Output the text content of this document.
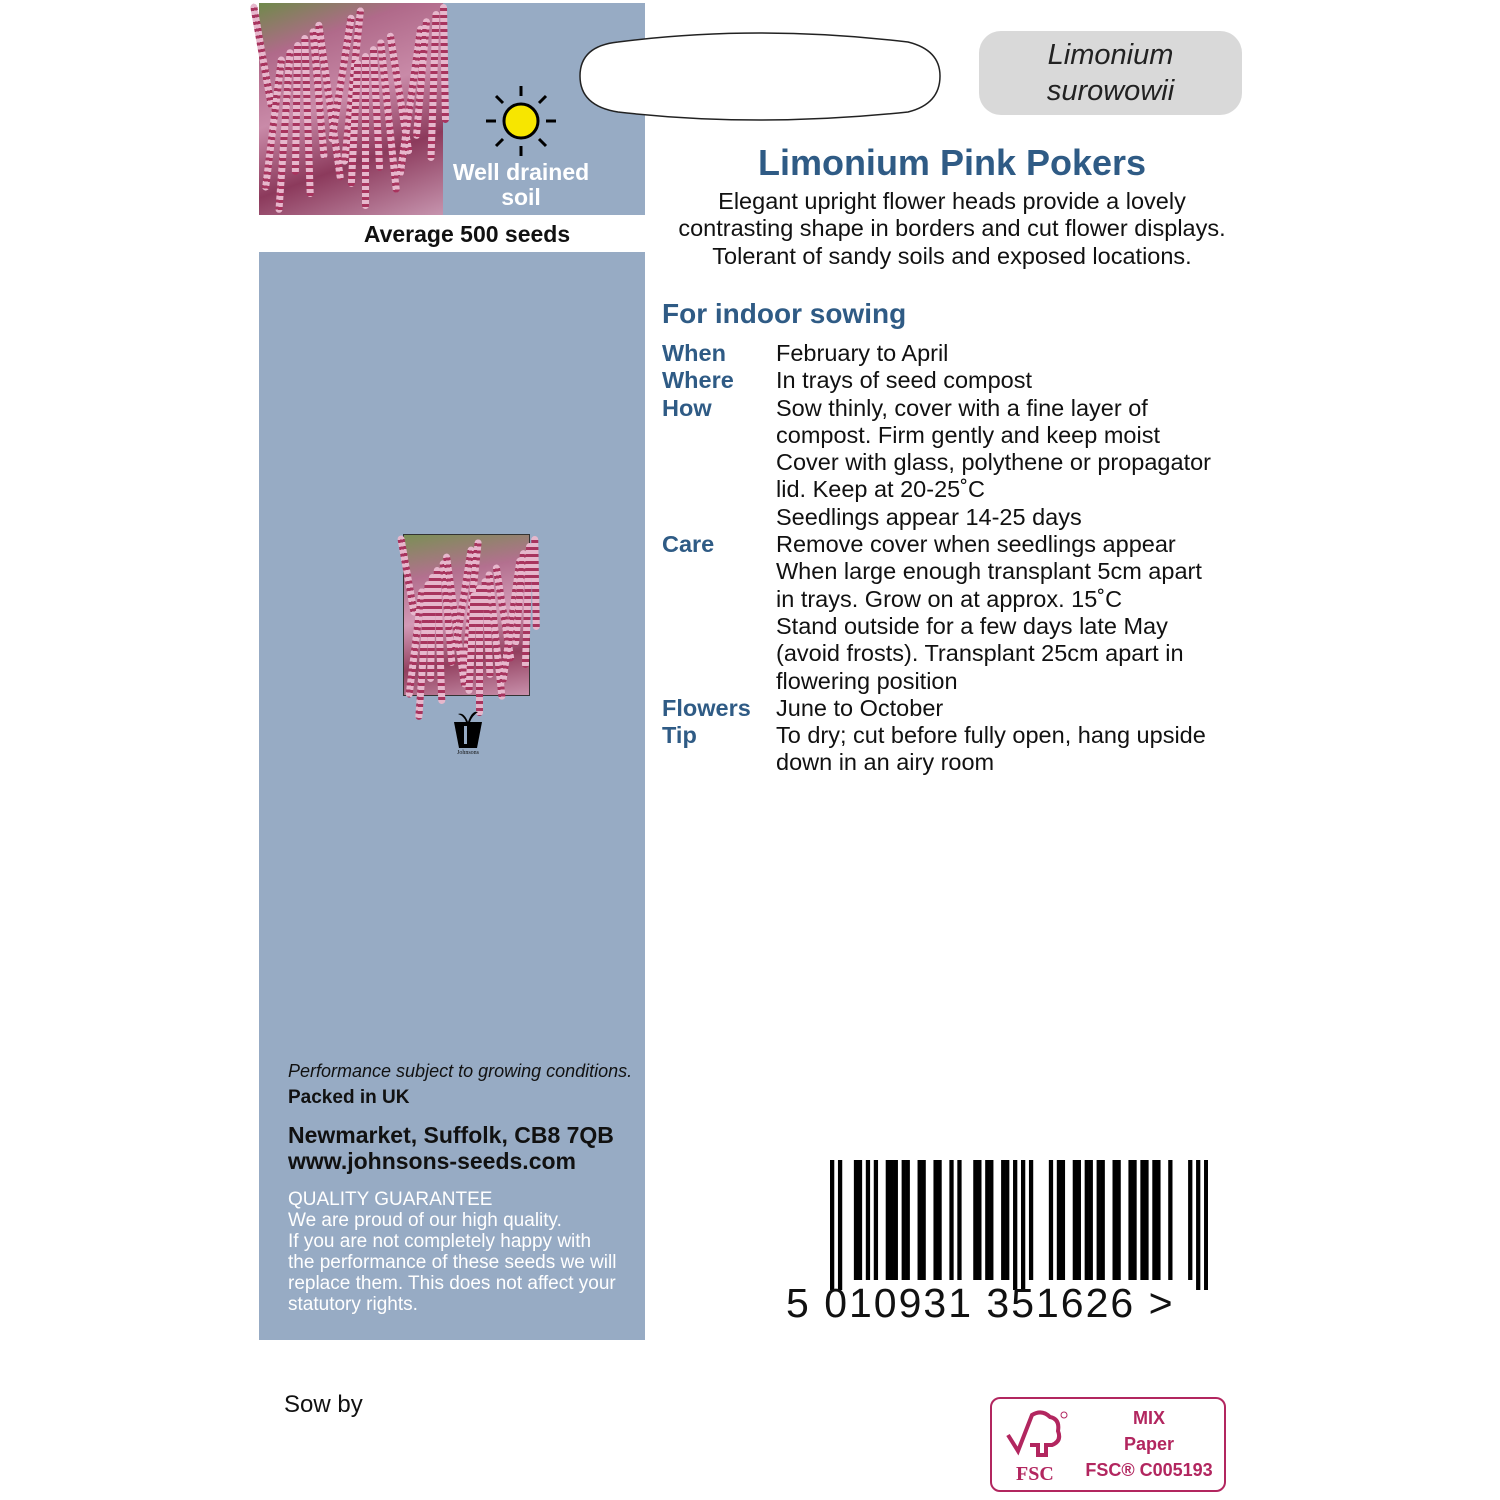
Well drained
soil
Average 500 seeds
Limonium
surowowii
Limonium Pink Pokers
Elegant upright flower heads provide a lovely
contrasting shape in borders and cut flower displays.
Tolerant of sandy soils and exposed locations.
For indoor sowing
When	February to April
Where	In trays of seed compost
How	Sow thinly, cover with a fine layer of
compost. Firm gently and keep moist
Cover with glass, polythene or propagator
lid. Keep at 20-25˚C
Seedlings appear 14-25 days
Care	Remove cover when seedlings appear
When large enough transplant 5cm apart
in trays. Grow on at approx. 15˚C
Stand outside for a few days late May
(avoid frosts). Transplant 25cm apart in
flowering position
Flowers	June to October
Tip	To dry; cut before fully open, hang upside
down in an airy room
Johnsons
Performance subject to growing conditions.
Packed in UK
Newmarket, Suffolk, CB8 7QB
www.johnsons-seeds.com
QUALITY GUARANTEE
We are proud of our high quality.
If you are not completely happy with
the performance of these seeds we will
replace them. This does not affect your
statutory rights.	5 010931 351626 >
Sow by
FSC
MIX
Paper
FSC® C005193
